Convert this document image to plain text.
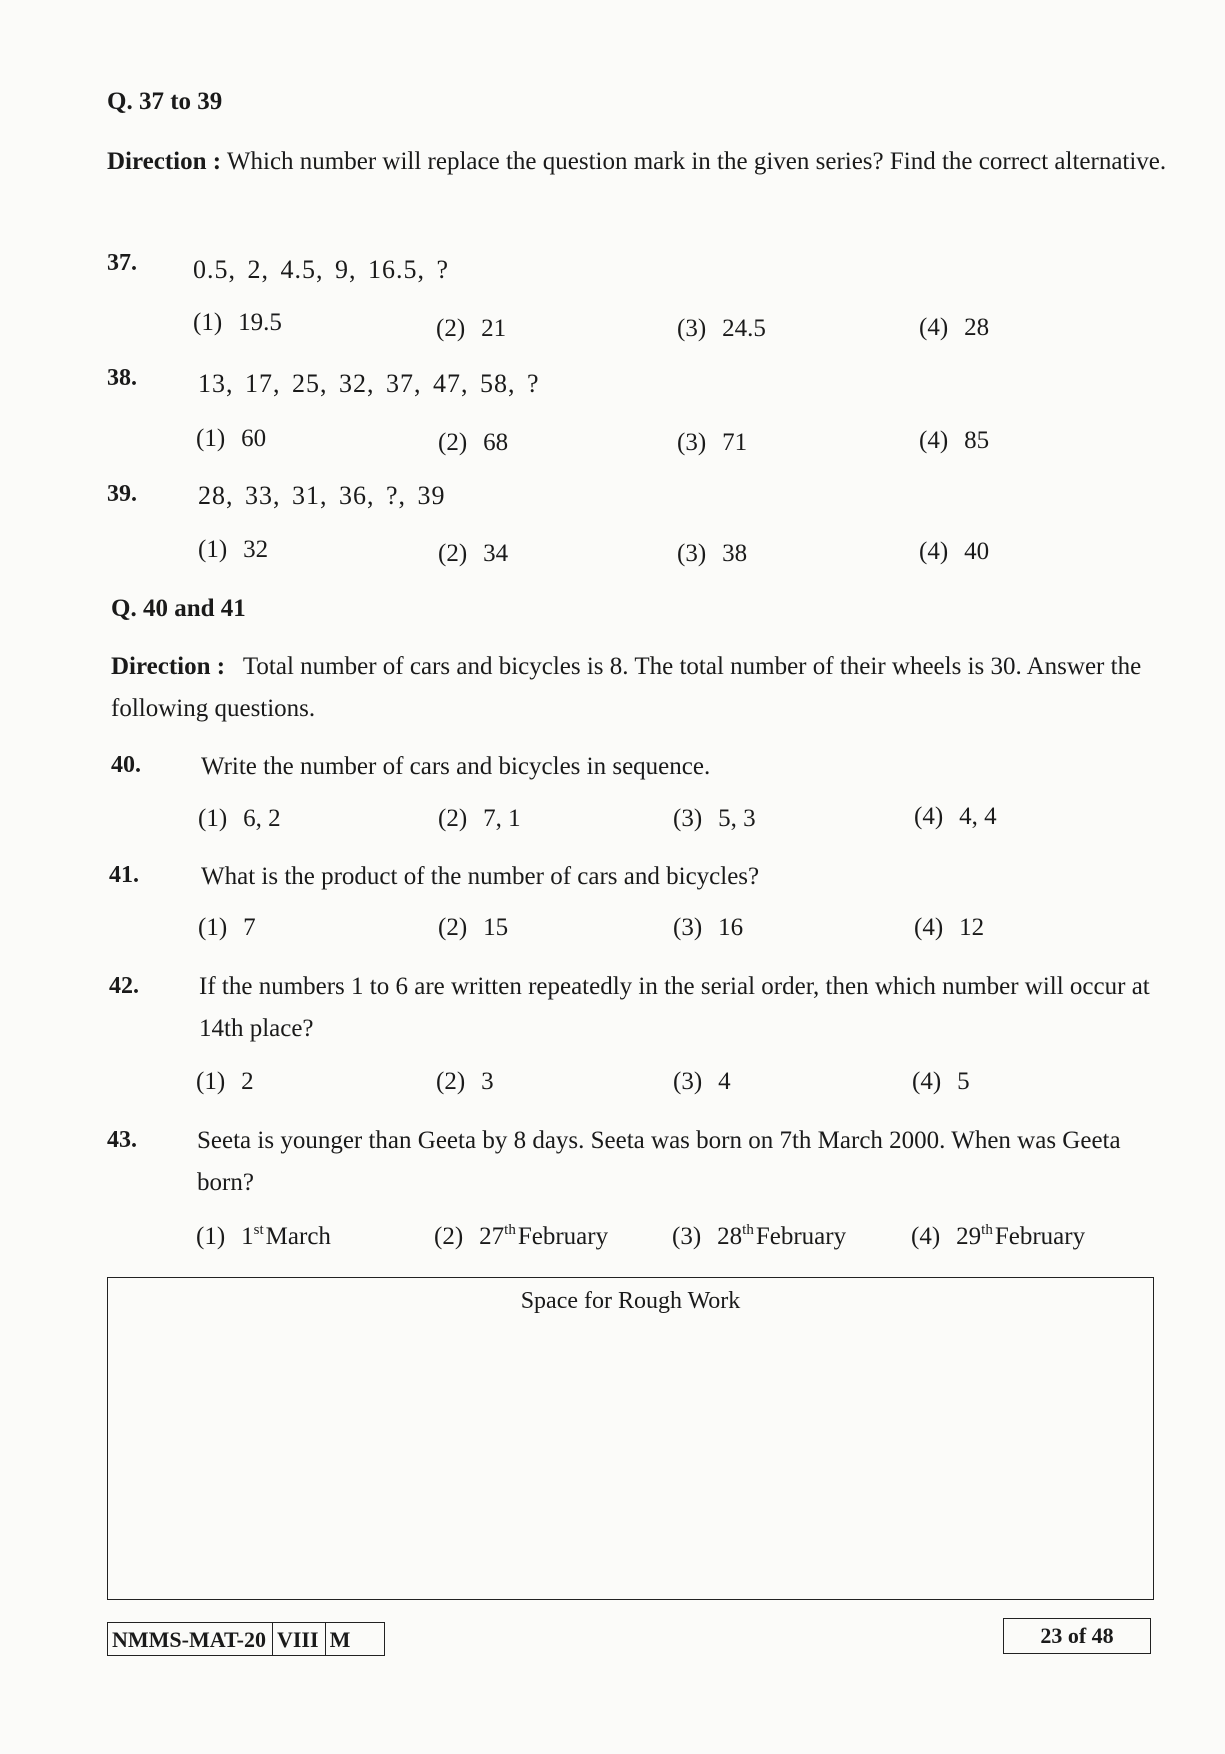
Q. 37 to 39
Direction : Which number will replace the question mark in the given series? Find the correct alternative.
37. 0.5, 2, 4.5, 9, 16.5, ?
(1) 19.5	(2) 21	(3) 24.5	(4) 28
38. 13, 17, 25, 32, 37, 47, 58, ?
(1) 60	(2) 68	(3) 71	(4) 85
39. 28, 33, 31, 36, ?, 39
(1) 32	(2) 34	(3) 38	(4) 40
Q. 40 and 41
Direction : Total number of cars and bicycles is 8. The total number of their wheels is 30. Answer the following questions.
40. Write the number of cars and bicycles in sequence.
(1) 6, 2	(2) 7, 1	(3) 5, 3	(4) 4, 4
41. What is the product of the number of cars and bicycles?
(1) 7	(2) 15	(3) 16	(4) 12
42. If the numbers 1 to 6 are written repeatedly in the serial order, then which number will occur at 14th place?
(1) 2	(2) 3	(3) 4	(4) 5
43. Seeta is younger than Geeta by 8 days. Seeta was born on 7th March 2000. When was Geeta born?
(1) 1stMarch	(2) 27thFebruary	(3) 28thFebruary	(4) 29thFebruary
Space for Rough Work
NMMS-MAT-20 VIII M	23 of 48
